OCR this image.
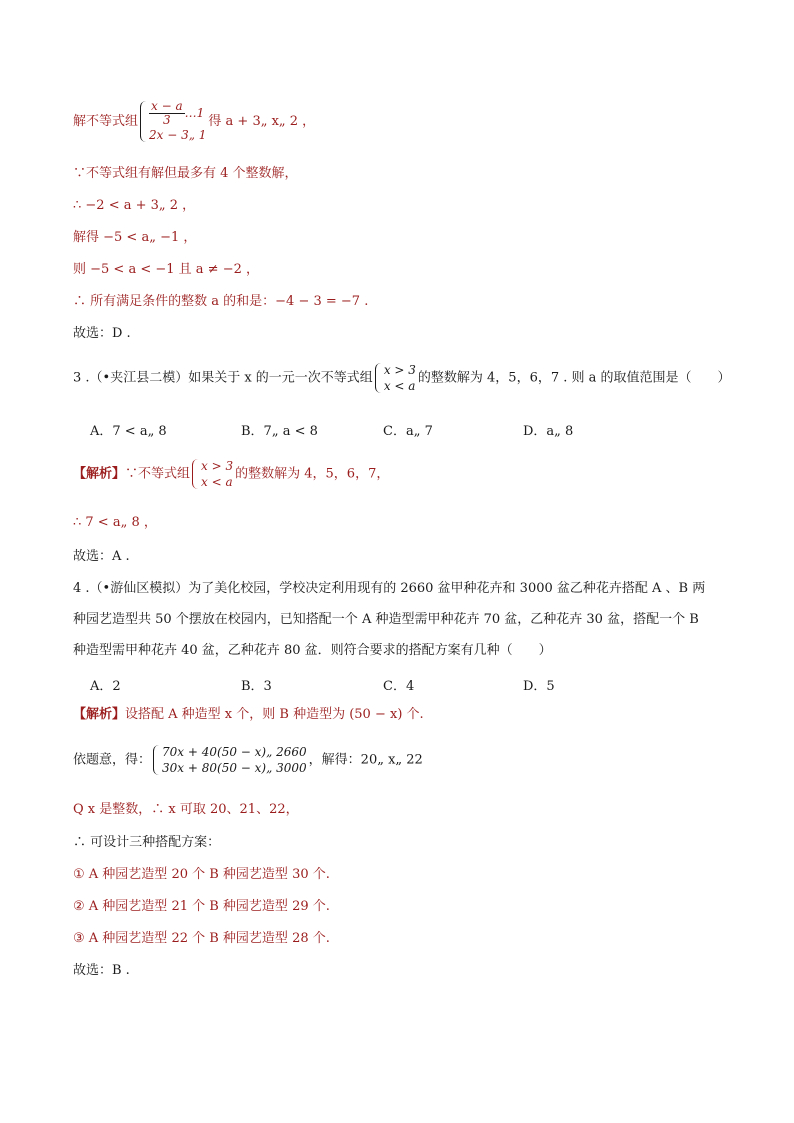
解不等式组 $\frac{x - a}{3}$ …1
2x − 3„ 1
得 a + 3„ x„ 2 ，
∵不等式组有解但最多有 4 个整数解，
∴ −2 < a + 3„ 2 ，
解得 −5 < a„ −1 ，
则 −5 < a < −1 且 a ≠ −2 ，
∴ 所有满足条件的整数 a 的和是：−4 − 3 = −7 .
故选：D .
3 .（•夹江县二模）如果关于 x 的一元一次不等式组
x > 3
x < a
的整数解为 4，5，6，7 . 则 a 的取值范围是（　　）
A．7 < a„ 8	B．7„ a < 8	C．a„ 7	D．a„ 8
【解析】∵不等式组
x > 3
x < a
的整数解为 4，5，6，7，
∴ 7 < a„ 8 ，
故选：A .
4 .（•游仙区模拟）为了美化校园，学校决定利用现有的 2660 盆甲种花卉和 3000 盆乙种花卉搭配 A 、B 两
种园艺造型共 50 个摆放在校园内，已知搭配一个 A 种造型需甲种花卉 70 盆，乙种花卉 30 盆，搭配一个 B
种造型需甲种花卉 40 盆，乙种花卉 80 盆．则符合要求的搭配方案有几种（　　）
A．2	B．3	C．4	D．5
【解析】设搭配 A 种造型 x 个，则 B 种造型为 (50 − x) 个.
依题意，得：
70x + 40(50 − x)„ 2660
30x + 80(50 − x)„ 3000
，解得：20„ x„ 22
Q x 是整数，∴ x 可取 20、21、22，
∴ 可设计三种搭配方案：
① A 种园艺造型 20 个 B 种园艺造型 30 个.
② A 种园艺造型 21 个 B 种园艺造型 29 个.
③ A 种园艺造型 22 个 B 种园艺造型 28 个.
故选：B .
